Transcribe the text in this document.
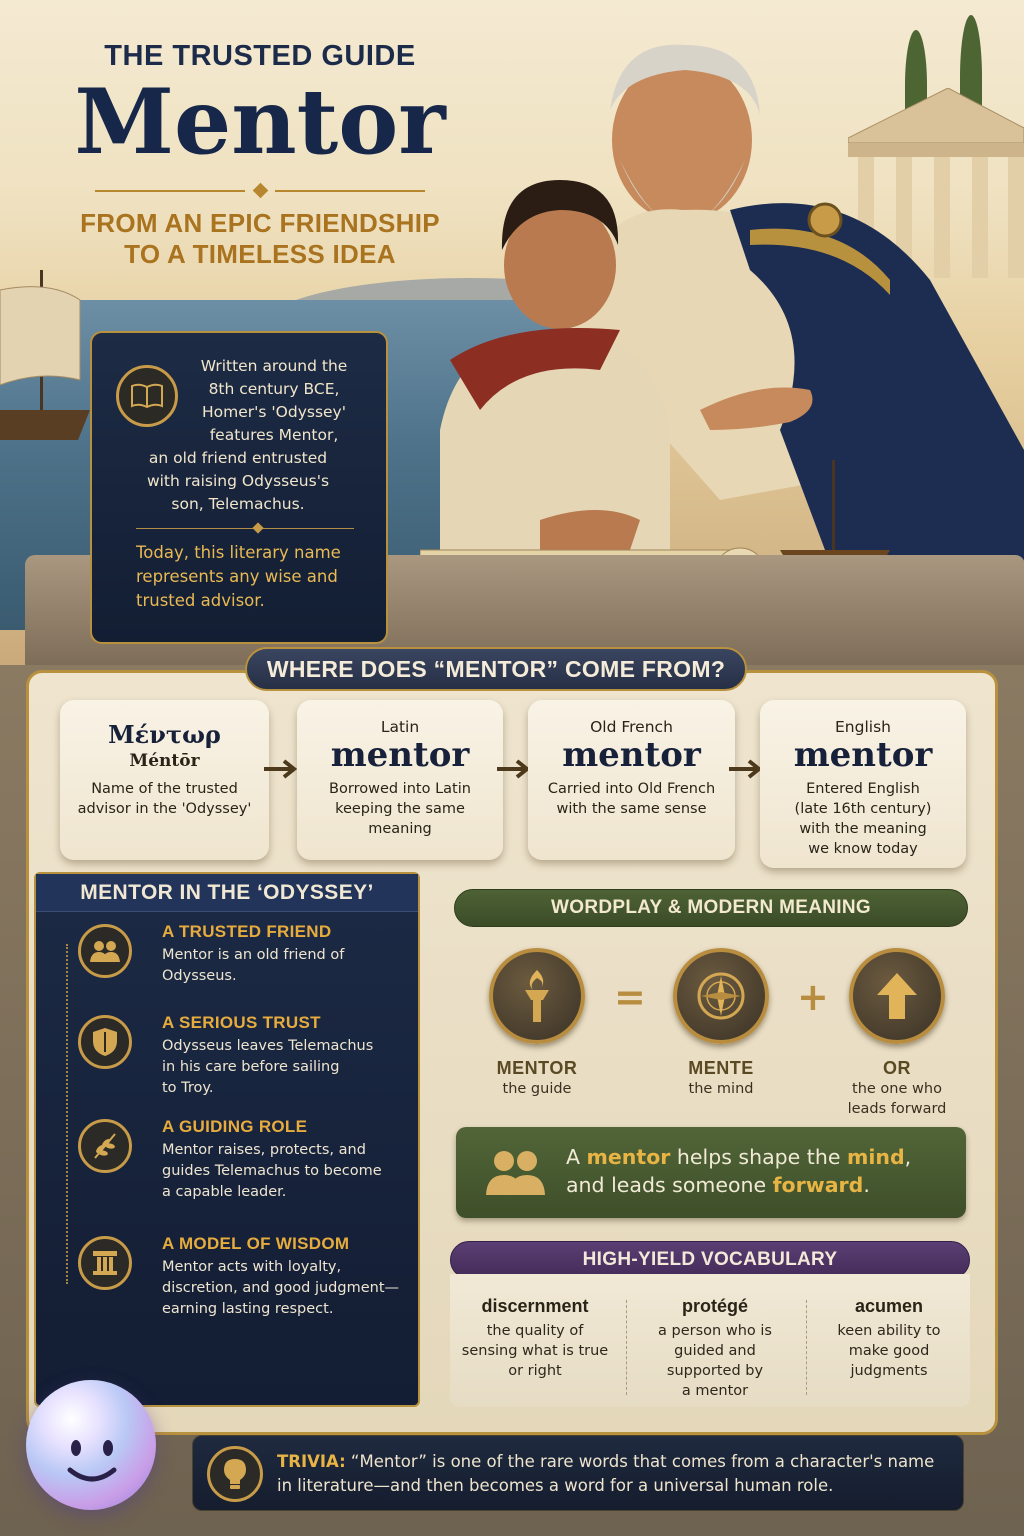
THE TRUSTED GUIDE
Mentor
FROM AN EPIC FRIENDSHIP
TO A TIMELESS IDEA
Written around the
8th century BCE,
Homer's 'Odyssey'
features Mentor,
an old friend entrusted
with raising Odysseus's
son, Telemachus.
Today, this literary name
represents any wise and
trusted advisor.
WHERE DOES “MENTOR” COME FROM?
Μέντωρ
Méntōr
Name of the trusted
advisor in the 'Odyssey'
Latin
mentor
Borrowed into Latin
keeping the same
meaning
Old French
mentor
Carried into Old French
with the same sense
English
mentor
Entered English
(late 16th century)
with the meaning
we know today
MENTOR IN THE ‘ODYSSEY’
A TRUSTED FRIEND
Mentor is an old friend of
Odysseus.
A SERIOUS TRUST
Odysseus leaves Telemachus
in his care before sailing
to Troy.
A GUIDING ROLE
Mentor raises, protects, and
guides Telemachus to become
a capable leader.
A MODEL OF WISDOM
Mentor acts with loyalty,
discretion, and good judgment—
earning lasting respect.
WORDPLAY & MODERN MEANING
=	+
MENTOR
the guide
MENTE
the mind
OR
the one who
leads forward
A mentor helps shape the mind,
and leads someone forward.
HIGH-YIELD VOCABULARY
discernment
the quality of
sensing what is true
or right
protégé
a person who is
guided and
supported by
a mentor
acumen
keen ability to
make good
judgments
TRIVIA: “Mentor” is one of the rare words that comes from a character's name
in literature—and then becomes a word for a universal human role.
